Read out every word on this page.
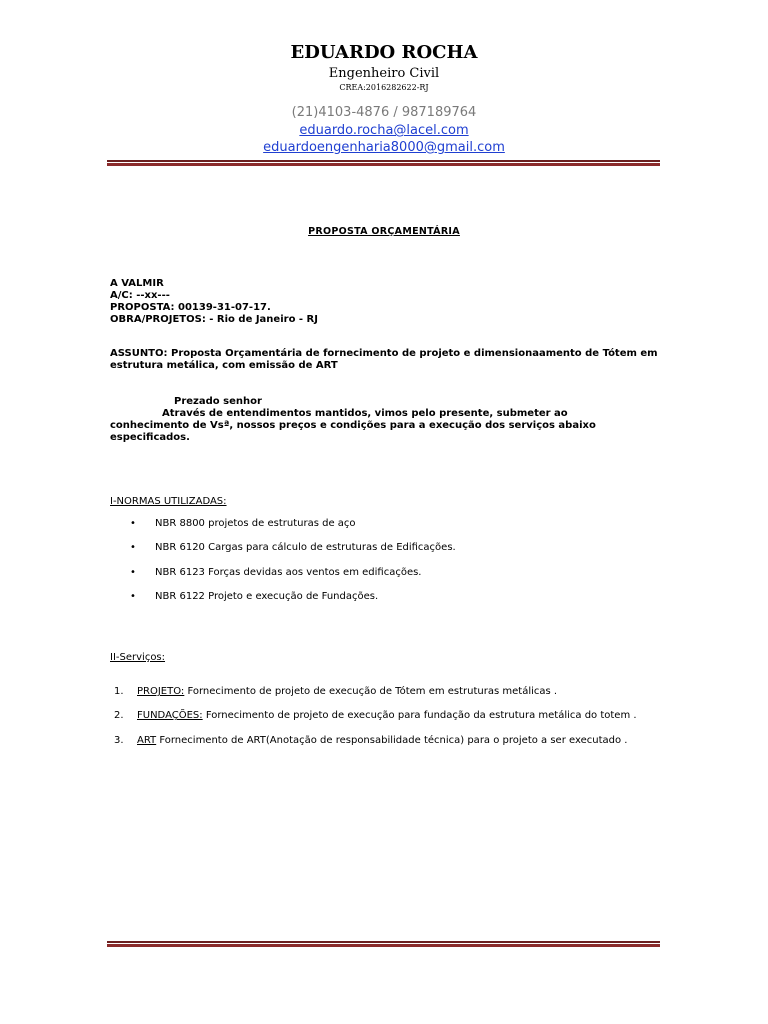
EDUARDO ROCHA
Engenheiro Civil
CREA:2016282622-RJ
(21)4103-4876 / 987189764
eduardo.rocha@lacel.com
eduardoengenharia8000@gmail.com
PROPOSTA ORÇAMENTÁRIA
A VALMIR
A/C: --xx---
PROPOSTA: 00139-31-07-17.
OBRA/PROJETOS: - Rio de Janeiro - RJ
ASSUNTO: Proposta Orçamentária de fornecimento de projeto e dimensionaamento de Tótem em estrutura metálica, com emissão de ART
Prezado senhor
Através de entendimentos mantidos, vimos pelo presente, submeter ao
conhecimento de Vsª, nossos preços e condições para a execução dos serviços abaixo especificados.
I-NORMAS UTILIZADAS:
• NBR 8800 projetos de estruturas de aço
• NBR 6120 Cargas para cálculo de estruturas de Edificações.
• NBR 6123 Forças devidas aos ventos em edificações.
• NBR 6122 Projeto e execução de Fundações.
II-Serviços:
1. PROJETO: Fornecimento de projeto de execução de Tótem em estruturas metálicas .
2. FUNDAÇÕES: Fornecimento de projeto de execução para fundação da estrutura metálica do totem .
3. ART Fornecimento de ART(Anotação de responsabilidade técnica) para o projeto a ser executado .
